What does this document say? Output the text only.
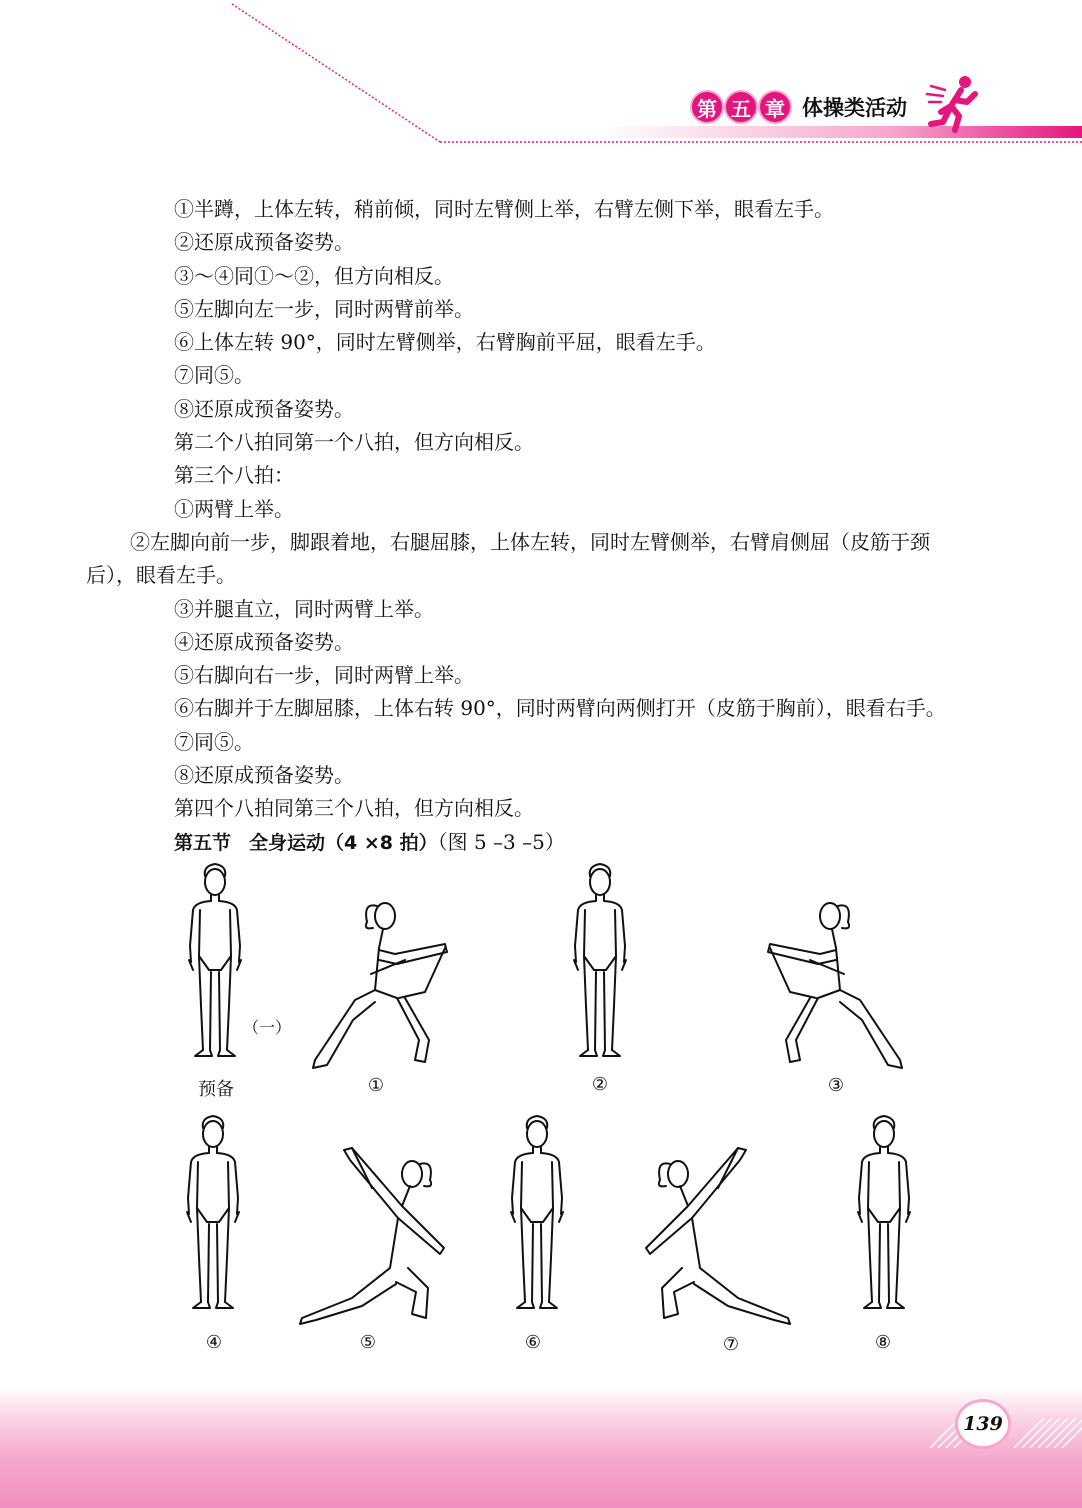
第 五 章 体操类活动
①半蹲，上体左转，稍前倾，同时左臂侧上举，右臂左侧下举，眼看左手。
②还原成预备姿势。
③～④同①～②，但方向相反。
⑤左脚向左一步，同时两臂前举。
⑥上体左转 90°，同时左臂侧举，右臂胸前平屈，眼看左手。
⑦同⑤。
⑧还原成预备姿势。
第二个八拍同第一个八拍，但方向相反。
第三个八拍：
①两臂上举。
②左脚向前一步，脚跟着地，右腿屈膝，上体左转，同时左臂侧举，右臂肩侧屈（皮筋于颈后），眼看左手。
③并腿直立，同时两臂上举。
④还原成预备姿势。
⑤右脚向右一步，同时两臂上举。
⑥右脚并于左脚屈膝，上体右转 90°，同时两臂向两侧打开（皮筋于胸前），眼看右手。
⑦同⑤。
⑧还原成预备姿势。
第四个八拍同第三个八拍，但方向相反。
第五节 全身运动（4 ×8 拍）（图 5 –3 –5）
预备
（一）
①	②	③
④	⑤	⑥	⑦	⑧
139
